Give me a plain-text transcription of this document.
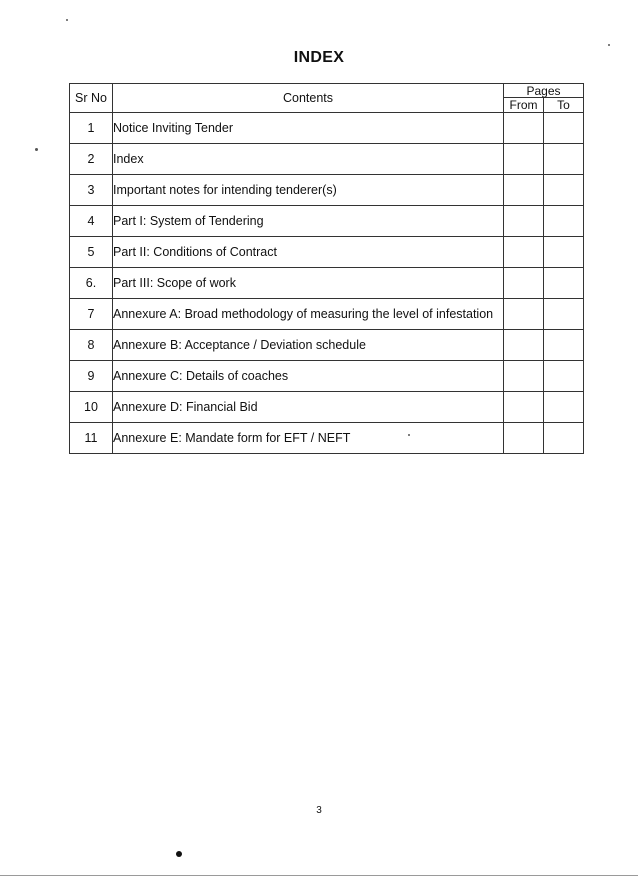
INDEX
Sr No	Contents	Pages	
		From	To
1	Notice Inviting Tender		
2	Index		
3	Important notes for intending tenderer(s)		
4	Part I: System of Tendering		
5	Part II: Conditions of Contract		
6.	Part III: Scope of work		
7	Annexure A: Broad methodology of measuring the level of infestation		
8	Annexure B: Acceptance / Deviation schedule		
9	Annexure C: Details of coaches		
10	Annexure D: Financial Bid		
11	Annexure E: Mandate form for EFT / NEFT		
3
